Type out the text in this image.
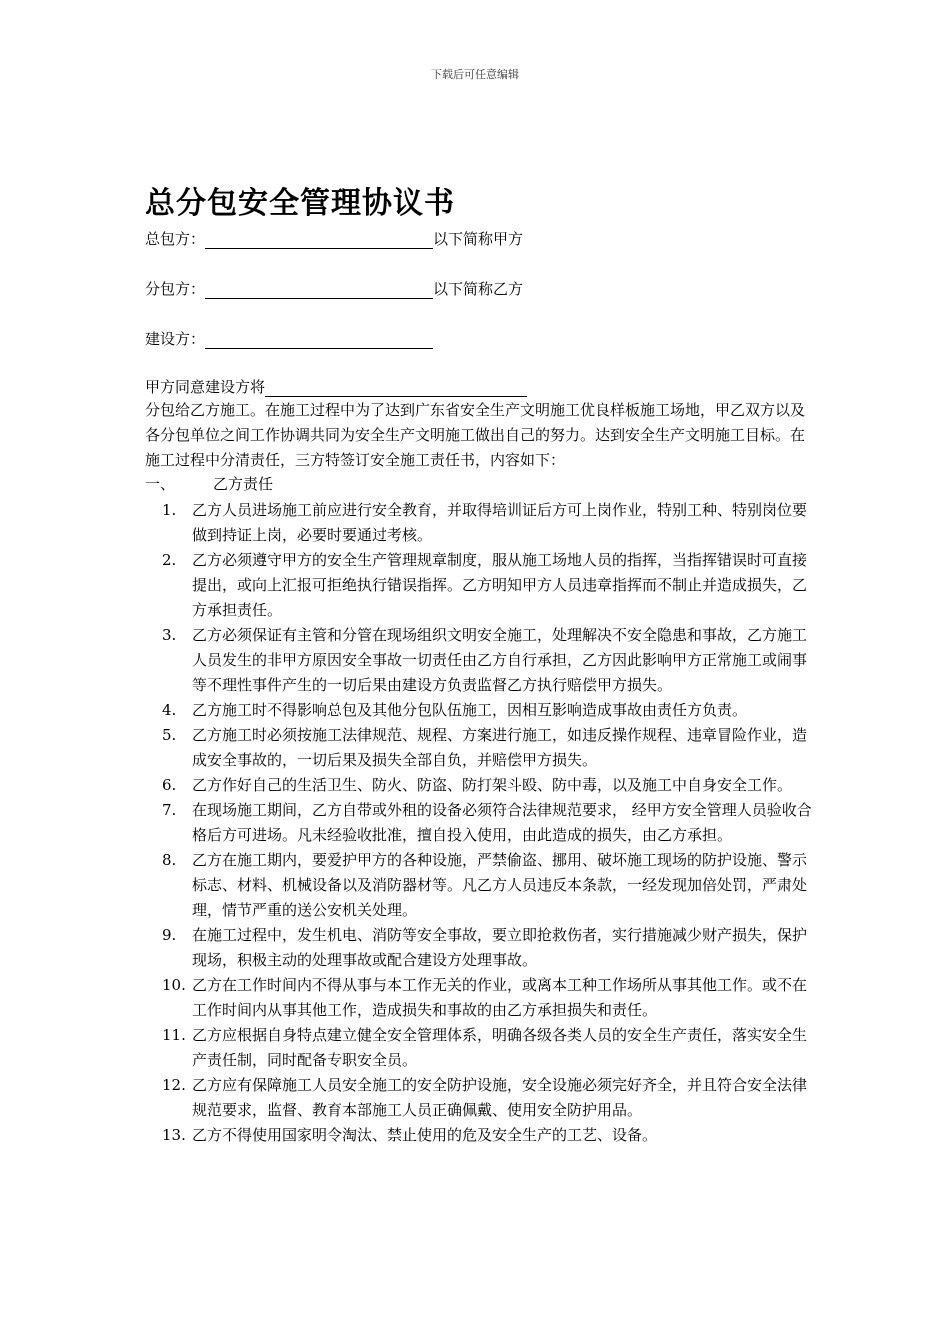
下载后可任意编辑
总分包安全管理协议书
总包方：	以下简称甲方
分包方：	以下简称乙方
建设方：
甲方同意建设方将
分包给乙方施工。在施工过程中为了达到广东省安全生产文明施工优良样板施工场地，甲乙双方以及各分包单位之间工作协调共同为安全生产文明施工做出自己的努力。达到安全生产文明施工目标。在施工过程中分清责任，三方特签订安全施工责任书，内容如下：
一、	乙方责任
1.	乙方人员进场施工前应进行安全教育，并取得培训证后方可上岗作业，特别工种、特别岗位要做到持证上岗，必要时要通过考核。
2.	乙方必须遵守甲方的安全生产管理规章制度，服从施工场地人员的指挥，当指挥错误时可直接提出，或向上汇报可拒绝执行错误指挥。乙方明知甲方人员违章指挥而不制止并造成损失，乙方承担责任。
3.	乙方必须保证有主管和分管在现场组织文明安全施工，处理解决不安全隐患和事故，乙方施工人员发生的非甲方原因安全事故一切责任由乙方自行承担，乙方因此影响甲方正常施工或闹事等不理性事件产生的一切后果由建设方负责监督乙方执行赔偿甲方损失。
4.	乙方施工时不得影响总包及其他分包队伍施工，因相互影响造成事故由责任方负责。
5.	乙方施工时必须按施工法律规范、规程、方案进行施工，如违反操作规程、违章冒险作业，造成安全事故的，一切后果及损失全部自负，并赔偿甲方损失。
6.	乙方作好自己的生活卫生、防火、防盗、防打架斗殴、防中毒，以及施工中自身安全工作。
7.	在现场施工期间，乙方自带或外租的设备必须符合法律规范要求， 经甲方安全管理人员验收合格后方可进场。凡未经验收批准，擅自投入使用，由此造成的损失，由乙方承担。
8.	乙方在施工期内，要爱护甲方的各种设施，严禁偷盗、挪用、破坏施工现场的防护设施、警示标志、材料、机械设备以及消防器材等。凡乙方人员违反本条款，一经发现加倍处罚，严肃处理，情节严重的送公安机关处理。
9.	在施工过程中，发生机电、消防等安全事故，要立即抢救伤者，实行措施减少财产损失，保护现场，积极主动的处理事故或配合建设方处理事故。
10. 乙方在工作时间内不得从事与本工作无关的作业，或离本工种工作场所从事其他工作。或不在工作时间内从事其他工作，造成损失和事故的由乙方承担损失和责任。
11. 乙方应根据自身特点建立健全安全管理体系，明确各级各类人员的安全生产责任，落实安全生产责任制，同时配备专职安全员。
12. 乙方应有保障施工人员安全施工的安全防护设施，安全设施必须完好齐全，并且符合安全法律规范要求，监督、教育本部施工人员正确佩戴、使用安全防护用品。
13. 乙方不得使用国家明令淘汰、禁止使用的危及安全生产的工艺、设备。
